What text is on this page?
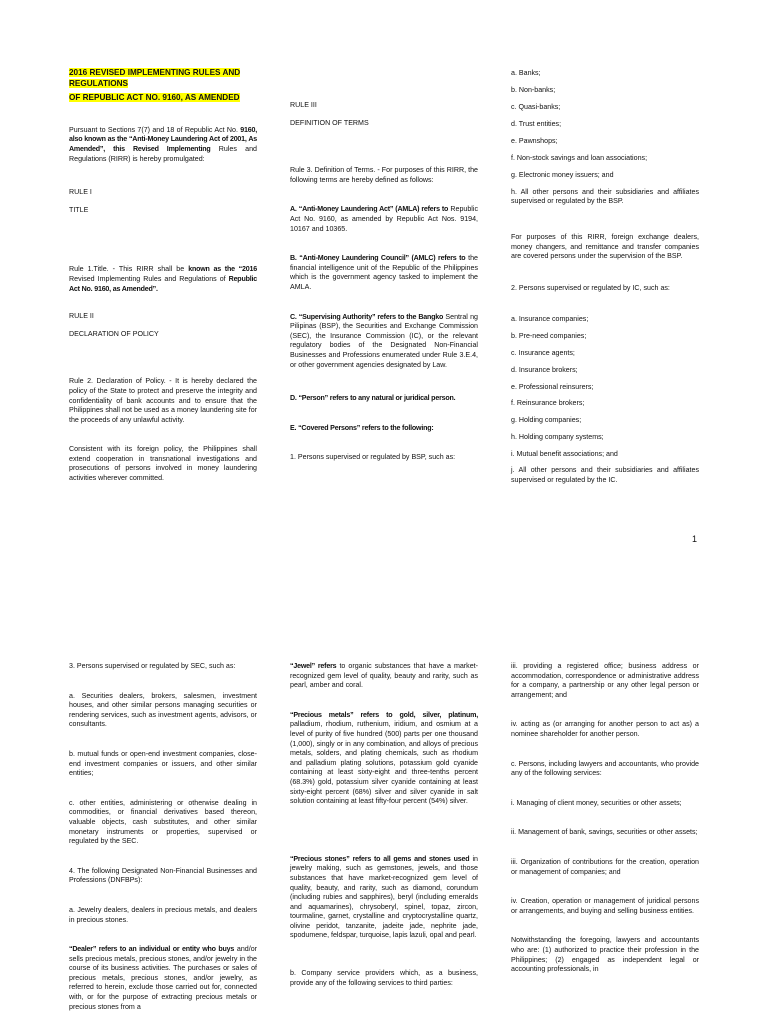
2016 REVISED IMPLEMENTING RULES AND REGULATIONS
OF REPUBLIC ACT NO. 9160, AS AMENDED

Pursuant to Sections 7(7) and 18 of Republic Act No. 9160, also known as the “Anti-Money Laundering Act of 2001, As Amended”, this Revised Implementing Rules and Regulations (RIRR) is hereby promulgated:

RULE I

TITLE

Rule 1.Title. - This RIRR shall be known as the “2016 Revised Implementing Rules and Regulations of Republic Act No. 9160, as Amended”.

RULE II

DECLARATION OF POLICY

Rule 2. Declaration of Policy. - It is hereby declared the policy of the State to protect and preserve the integrity and confidentiality of bank accounts and to ensure that the Philippines shall not be used as a money laundering site for the proceeds of any unlawful activity.

Consistent with its foreign policy, the Philippines shall extend cooperation in transnational investigations and prosecutions of persons involved in money laundering activities wherever committed.

RULE III

DEFINITION OF TERMS

Rule 3. Definition of Terms. - For purposes of this RIRR, the following terms are hereby defined as follows:

A. “Anti-Money Laundering Act” (AMLA) refers to Republic Act No. 9160, as amended by Republic Act Nos. 9194, 10167 and 10365.

B. “Anti-Money Laundering Council” (AMLC) refers to the financial intelligence unit of the Republic of the Philippines which is the government agency tasked to implement the AMLA.

C. “Supervising Authority” refers to the Bangko Sentral ng Pilipinas (BSP), the Securities and Exchange Commission (SEC), the Insurance Commission (IC), or the relevant regulatory bodies of the Designated Non-Financial Businesses and Professions enumerated under Rule 3.E.4, or other government agencies designated by Law.

D. “Person” refers to any natural or juridical person.

E. “Covered Persons” refers to the following:

1. Persons supervised or regulated by BSP, such as:

a. Banks;

b. Non-banks;

c. Quasi-banks;

d. Trust entities;

e. Pawnshops;

f. Non-stock savings and loan associations;

g. Electronic money issuers; and

h. All other persons and their subsidiaries and affiliates supervised or regulated by the BSP.

For purposes of this RIRR, foreign exchange dealers, money changers, and remittance and transfer companies are covered persons under the supervision of the BSP.

2. Persons supervised or regulated by IC, such as:

a. Insurance companies;

b. Pre-need companies;

c. Insurance agents;

d. Insurance brokers;

e. Professional reinsurers;

f. Reinsurance brokers;

g. Holding companies;

h. Holding company systems;

i. Mutual benefit associations; and

j. All other persons and their subsidiaries and affiliates supervised or regulated by the IC.

1

3. Persons supervised or regulated by SEC, such as:

a. Securities dealers, brokers, salesmen, investment houses, and other similar persons managing securities or rendering services, such as investment agents, advisors, or consultants.

b. mutual funds or open-end investment companies, close-end investment companies or issuers, and other similar entities;

c. other entities, administering or otherwise dealing in commodities, or financial derivatives based thereon, valuable objects, cash substitutes, and other similar monetary instruments or properties, supervised or regulated by the SEC.

4. The following Designated Non-Financial Businesses and Professions (DNFBPs):

a. Jewelry dealers, dealers in precious metals, and dealers in precious stones.

“Dealer” refers to an individual or entity who buys and/or sells precious metals, precious stones, and/or jewelry in the course of its business activities. The purchases or sales of precious metals, precious stones, and/or jewelry, as referred to herein, exclude those carried out for, connected with, or for the purpose of extracting precious metals or precious stones from a

“Jewel” refers to organic substances that have a market-recognized gem level of quality, beauty and rarity, such as pearl, amber and coral.

“Precious metals” refers to gold, silver, platinum, palladium, rhodium, ruthenium, iridium, and osmium at a level of purity of five hundred (500) parts per one thousand (1,000), singly or in any combination, and alloys of precious metals, solders, and plating chemicals, such as rhodium and palladium plating solutions, potassium gold cyanide containing at least sixty-eight and three-tenths percent (68.3%) gold, potassium silver cyanide containing at least sixty-eight percent (68%) silver and silver cyanide in salt solution containing at least fifty-four percent (54%) silver.

“Precious stones” refers to all gems and stones used in jewelry making, such as gemstones, jewels, and those substances that have market-recognized gem level of quality, beauty, and rarity, such as diamond, corundum (including rubies and sapphires), beryl (including emeralds and aquamarines), chrysoberyl, spinel, topaz, zircon, tourmaline, garnet, crystalline and cryptocrystalline quartz, olivine peridot, tanzanite, jadeite jade, nephrite jade, spodumene, feldspar, turquoise, lapis lazuli, opal and pearl.

b. Company service providers which, as a business, provide any of the following services to third parties:

iii. providing a registered office; business address or accommodation, correspondence or administrative address for a company, a partnership or any other legal person or arrangement; and

iv. acting as (or arranging for another person to act as) a nominee shareholder for another person.

c. Persons, including lawyers and accountants, who provide any of the following services:

i. Managing of client money, securities or other assets;

ii. Management of bank, savings, securities or other assets;

iii. Organization of contributions for the creation, operation or management of companies; and

iv. Creation, operation or management of juridical persons or arrangements, and buying and selling business entities.

Notwithstanding the foregoing, lawyers and accountants who are: (1) authorized to practice their profession in the Philippines; (2) engaged as independent legal or accounting professionals, in
